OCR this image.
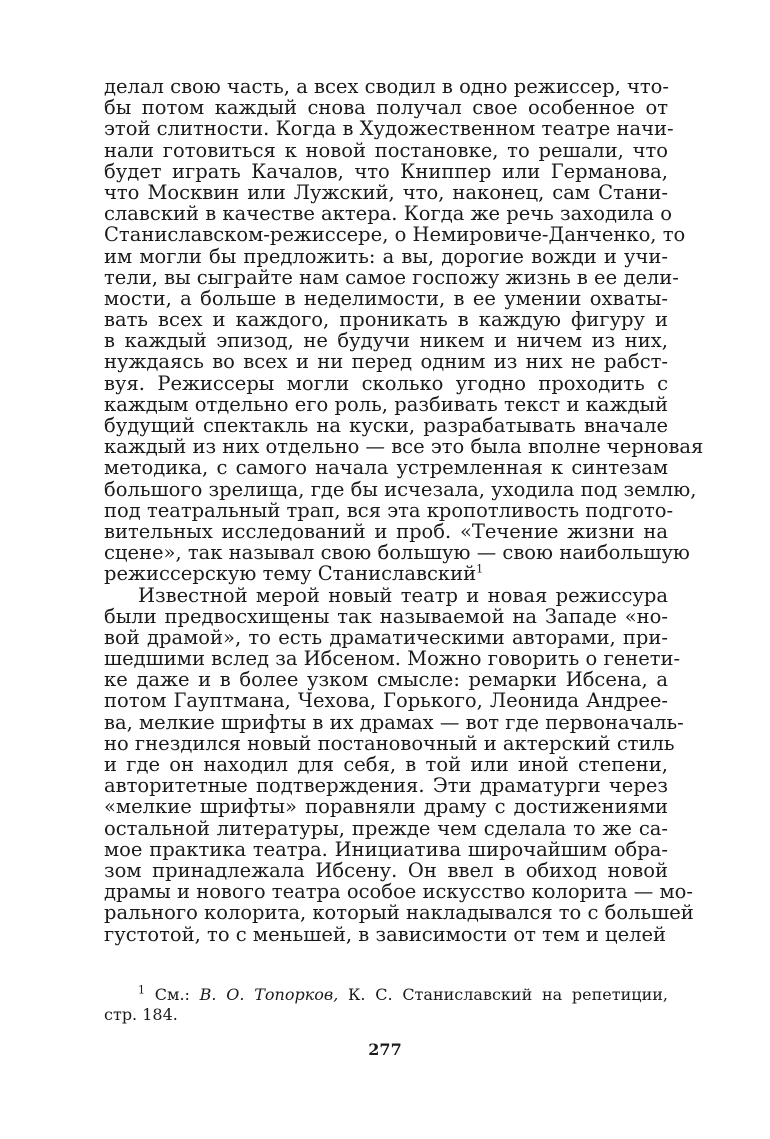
делал свою часть, а всех сводил в одно режиссер, что-
бы потом каждый снова получал свое особенное от
этой слитности. Когда в Художественном театре начи-
нали готовиться к новой постановке, то решали, что
будет играть Качалов, что Книппер или Германова,
что Москвин или Лужский, что, наконец, сам Стани-
славский в качестве актера. Когда же речь заходила о
Станиславском-режиссере, о Немировиче-Данченко, то
им могли бы предложить: а вы, дорогие вожди и учи-
тели, вы сыграйте нам самое госпожу жизнь в ее дели-
мости, а больше в неделимости, в ее умении охваты-
вать всех и каждого, проникать в каждую фигуру и
в каждый эпизод, не будучи никем и ничем из них,
нуждаясь во всех и ни перед одним из них не рабст-
вуя. Режиссеры могли сколько угодно проходить с
каждым отдельно его роль, разбивать текст и каждый
будущий спектакль на куски, разрабатывать вначале
каждый из них отдельно — все это была вполне черновая
методика, с самого начала устремленная к синтезам
большого зрелища, где бы исчезала, уходила под землю,
под театральный трап, вся эта кропотливость подгото-
вительных исследований и проб. «Течение жизни на
сцене», так называл свою большую — свою наибольшую
режиссерскую тему Станиславский$^1$
Известной мерой новый театр и новая режиссура
были предвосхищены так называемой на Западе «но-
вой драмой», то есть драматическими авторами, при-
шедшими вслед за Ибсеном. Можно говорить о генети-
ке даже и в более узком смысле: ремарки Ибсена, а
потом Гауптмана, Чехова, Горького, Леонида Андрее-
ва, мелкие шрифты в их драмах — вот где первоначаль-
но гнездился новый постановочный и актерский стиль
и где он находил для себя, в той или иной степени,
авторитетные подтверждения. Эти драматурги через
«мелкие шрифты» поравняли драму с достижениями
остальной литературы, прежде чем сделала то же са-
мое практика театра. Инициатива широчайшим обра-
зом принадлежала Ибсену. Он ввел в обиход новой
драмы и нового театра особое искусство колорита — мо-
рального колорита, который накладывался то с большей
густотой, то с меньшей, в зависимости от тем и целей
$^1$ См.: В. О. Топорков, К. С. Станиславский на репетиции,
стр. 184.
277
